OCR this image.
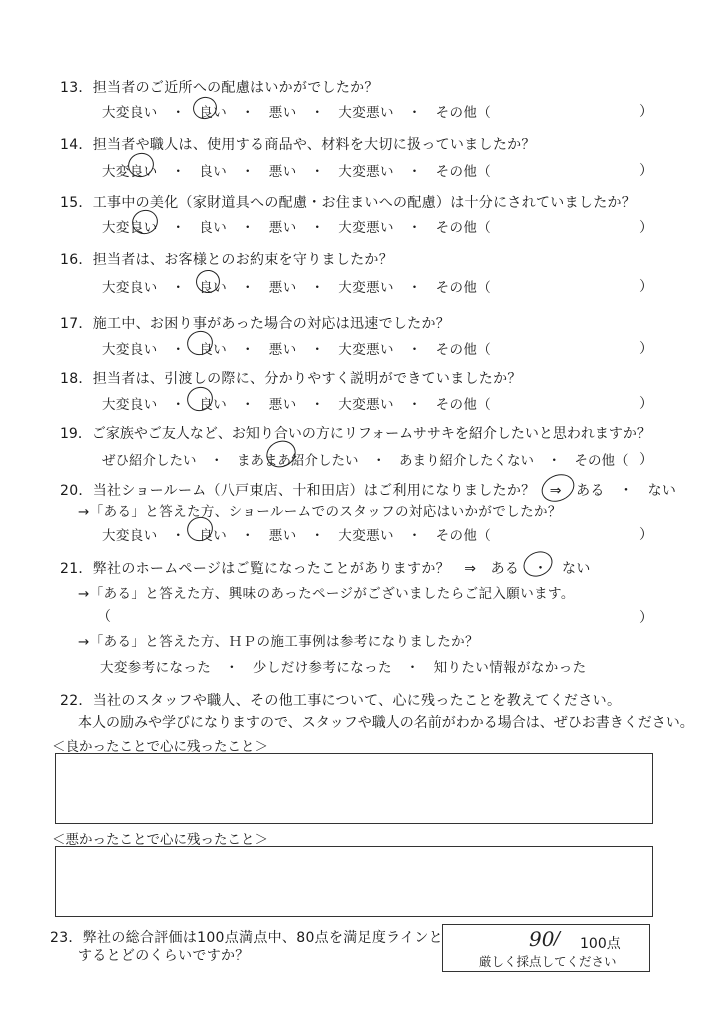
13．担当者のご近所への配慮はいかがでしたか？
大変良い　・　良い　・　悪い　・　大変悪い　・　その他（	）
14．担当者や職人は、使用する商品や、材料を大切に扱っていましたか？
大変良い　・　良い　・　悪い　・　大変悪い　・　その他（	）
15．工事中の美化（家財道具への配慮・お住まいへの配慮）は十分にされていましたか？
大変良い　・　良い　・　悪い　・　大変悪い　・　その他（	）
16．担当者は、お客様とのお約束を守りましたか？
大変良い　・　良い　・　悪い　・　大変悪い　・　その他（	）
17．施工中、お困り事があった場合の対応は迅速でしたか？
大変良い　・　良い　・　悪い　・　大変悪い　・　その他（	）
18．担当者は、引渡しの際に、分かりやすく説明ができていましたか？
大変良い　・　良い　・　悪い　・　大変悪い　・　その他（	）
19．ご家族やご友人など、お知り合いの方にリフォームササキを紹介したいと思われますか？
ぜひ紹介したい　・　まあまあ紹介したい　・　あまり紹介したくない　・　その他（ ）
20．当社ショールーム（八戸東店、十和田店）はご利用になりましたか？　⇒　ある　・　ない
→「ある」と答えた方、ショールームでのスタッフの対応はいかがでしたか？
大変良い　・　良い　・　悪い　・　大変悪い　・　その他（	）
21．弊社のホームページはご覧になったことがありますか？　⇒　ある　・　ない
→「ある」と答えた方、興味のあったページがございましたらご記入願います。
（	）
→「ある」と答えた方、ＨＰの施工事例は参考になりましたか？
大変参考になった　・　少しだけ参考になった　・　知りたい情報がなかった
22．当社のスタッフや職人、その他工事について、心に残ったことを教えてください。
本人の励みや学びになりますので、スタッフや職人の名前がわかる場合は、ぜひお書きください。
＜良かったことで心に残ったこと＞
＜悪かったことで心に残ったこと＞
23．弊社の総合評価は100点満点中、80点を満足度ラインと
するとどのくらいですか？
90 / 100点
厳しく採点してください
